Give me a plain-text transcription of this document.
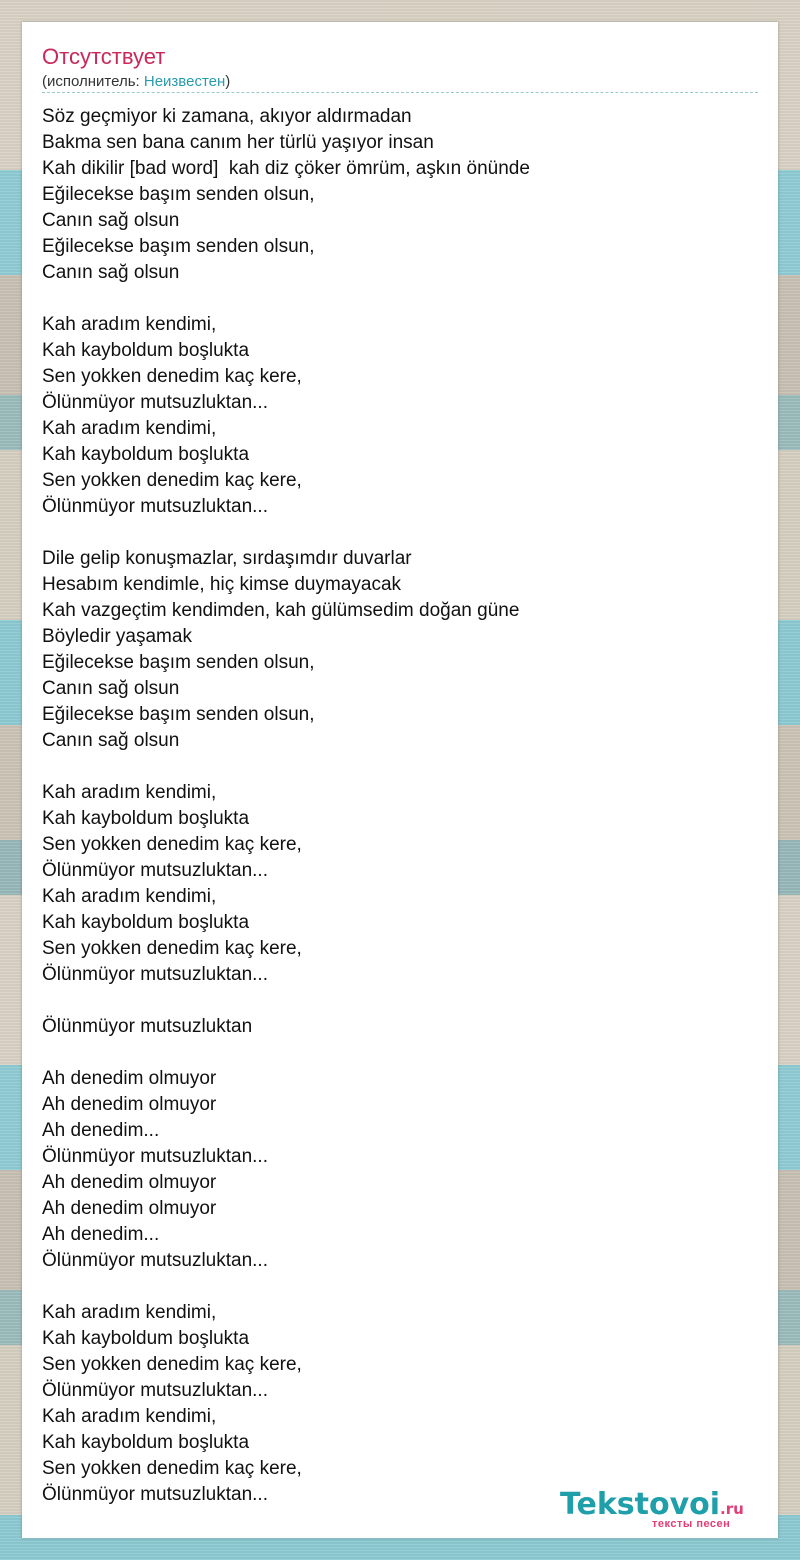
Отсутствует
(исполнитель: Неизвестен)
Söz geçmiyor ki zamana, akıyor aldırmadan
Bakma sen bana canım her türlü yaşıyor insan
Kah dikilir [bad word]  kah diz çöker ömrüm, aşkın önünde
Eğilecekse başım senden olsun,
Canın sağ olsun
Eğilecekse başım senden olsun,
Canın sağ olsun
Kah aradım kendimi,
Kah kayboldum boşlukta
Sen yokken denedim kaç kere,
Ölünmüyor mutsuzluktan...
Kah aradım kendimi,
Kah kayboldum boşlukta
Sen yokken denedim kaç kere,
Ölünmüyor mutsuzluktan...
Dile gelip konuşmazlar, sırdaşımdır duvarlar
Hesabım kendimle, hiç kimse duymayacak
Kah vazgeçtim kendimden, kah gülümsedim doğan güne
Böyledir yaşamak
Eğilecekse başım senden olsun,
Canın sağ olsun
Eğilecekse başım senden olsun,
Canın sağ olsun
Kah aradım kendimi,
Kah kayboldum boşlukta
Sen yokken denedim kaç kere,
Ölünmüyor mutsuzluktan...
Kah aradım kendimi,
Kah kayboldum boşlukta
Sen yokken denedim kaç kere,
Ölünmüyor mutsuzluktan...
Ölünmüyor mutsuzluktan
Ah denedim olmuyor
Ah denedim olmuyor
Ah denedim...
Ölünmüyor mutsuzluktan...
Ah denedim olmuyor
Ah denedim olmuyor
Ah denedim...
Ölünmüyor mutsuzluktan...
Kah aradım kendimi,
Kah kayboldum boşlukta
Sen yokken denedim kaç kere,
Ölünmüyor mutsuzluktan...
Kah aradım kendimi,
Kah kayboldum boşlukta
Sen yokken denedim kaç kere,
Ölünmüyor mutsuzluktan...	Tekstovoi.ru
тексты песен
